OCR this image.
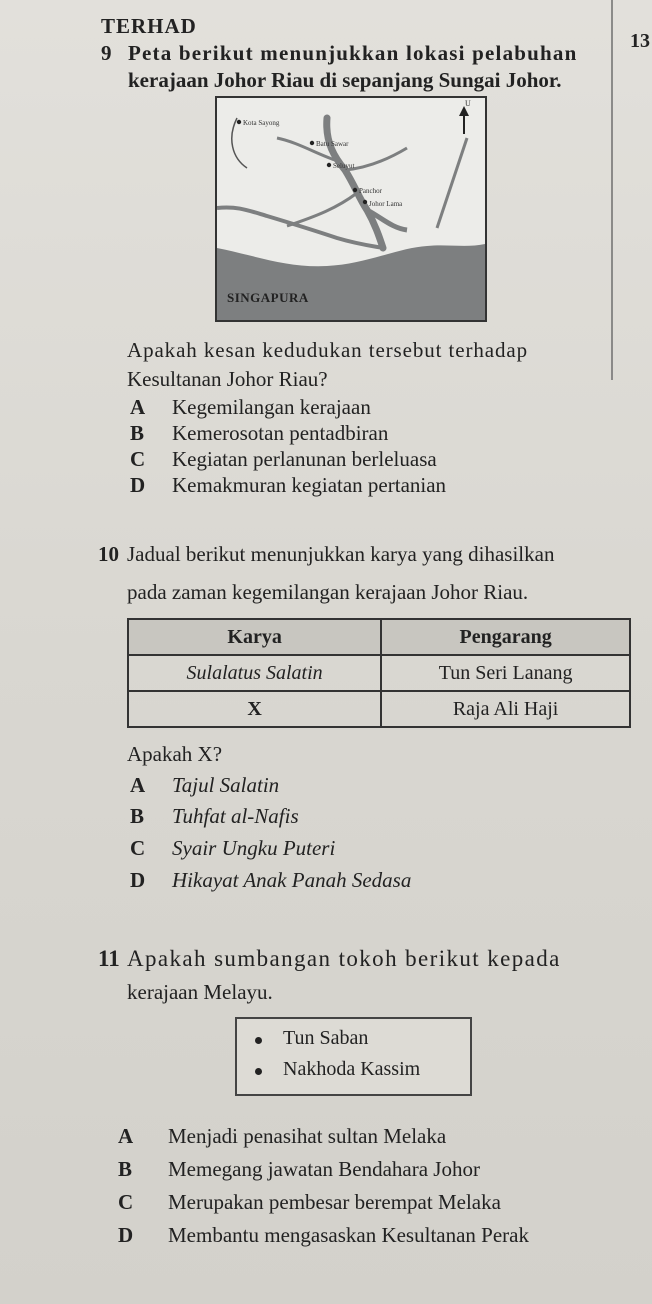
TERHAD
13
9 Peta berikut menunjukkan lokasi pelabuhan
kerajaan Johor Riau di sepanjang Sungai Johor.
U
Kota Sayong
Batu Sawar
Seluyut
Panchor
Johor Lama
SINGAPURA
Apakah kesan kedudukan tersebut terhadap
Kesultanan Johor Riau?
A Kegemilangan kerajaan
B Kemerosotan pentadbiran
C Kegiatan perlanunan berleluasa
D Kemakmuran kegiatan pertanian
10 Jadual berikut menunjukkan karya yang dihasilkan
pada zaman kegemilangan kerajaan Johor Riau.
Karya	Pengarang
Sulalatus Salatin	Tun Seri Lanang
X	Raja Ali Haji
Apakah X?
A Tajul Salatin
B Tuhfat al-Nafis
C Syair Ungku Puteri
D Hikayat Anak Panah Sedasa
11 Apakah sumbangan tokoh berikut kepada
kerajaan Melayu.
Tun Saban
Nakhoda Kassim
A Menjadi penasihat sultan Melaka
B Memegang jawatan Bendahara Johor
C Merupakan pembesar berempat Melaka
D Membantu mengasaskan Kesultanan Perak
